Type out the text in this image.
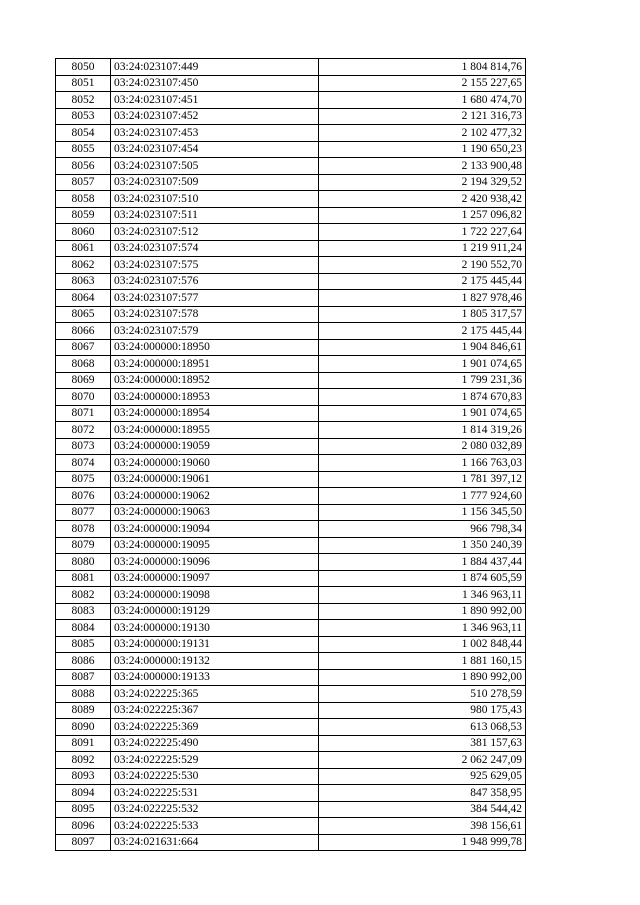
8050	03:24:023107:449	1 804 814,76
8051	03:24:023107:450	2 155 227,65
8052	03:24:023107:451	1 680 474,70
8053	03:24:023107:452	2 121 316,73
8054	03:24:023107:453	2 102 477,32
8055	03:24:023107:454	1 190 650,23
8056	03:24:023107:505	2 133 900,48
8057	03:24:023107:509	2 194 329,52
8058	03:24:023107:510	2 420 938,42
8059	03:24:023107:511	1 257 096,82
8060	03:24:023107:512	1 722 227,64
8061	03:24:023107:574	1 219 911,24
8062	03:24:023107:575	2 190 552,70
8063	03:24:023107:576	2 175 445,44
8064	03:24:023107:577	1 827 978,46
8065	03:24:023107:578	1 805 317,57
8066	03:24:023107:579	2 175 445,44
8067	03:24:000000:18950	1 904 846,61
8068	03:24:000000:18951	1 901 074,65
8069	03:24:000000:18952	1 799 231,36
8070	03:24:000000:18953	1 874 670,83
8071	03:24:000000:18954	1 901 074,65
8072	03:24:000000:18955	1 814 319,26
8073	03:24:000000:19059	2 080 032,89
8074	03:24:000000:19060	1 166 763,03
8075	03:24:000000:19061	1 781 397,12
8076	03:24:000000:19062	1 777 924,60
8077	03:24:000000:19063	1 156 345,50
8078	03:24:000000:19094	966 798,34
8079	03:24:000000:19095	1 350 240,39
8080	03:24:000000:19096	1 884 437,44
8081	03:24:000000:19097	1 874 605,59
8082	03:24:000000:19098	1 346 963,11
8083	03:24:000000:19129	1 890 992,00
8084	03:24:000000:19130	1 346 963,11
8085	03:24:000000:19131	1 002 848,44
8086	03:24:000000:19132	1 881 160,15
8087	03:24:000000:19133	1 890 992,00
8088	03:24:022225:365	510 278,59
8089	03:24:022225:367	980 175,43
8090	03:24:022225:369	613 068,53
8091	03:24:022225:490	381 157,63
8092	03:24:022225:529	2 062 247,09
8093	03:24:022225:530	925 629,05
8094	03:24:022225:531	847 358,95
8095	03:24:022225:532	384 544,42
8096	03:24:022225:533	398 156,61
8097	03:24:021631:664	1 948 999,78
